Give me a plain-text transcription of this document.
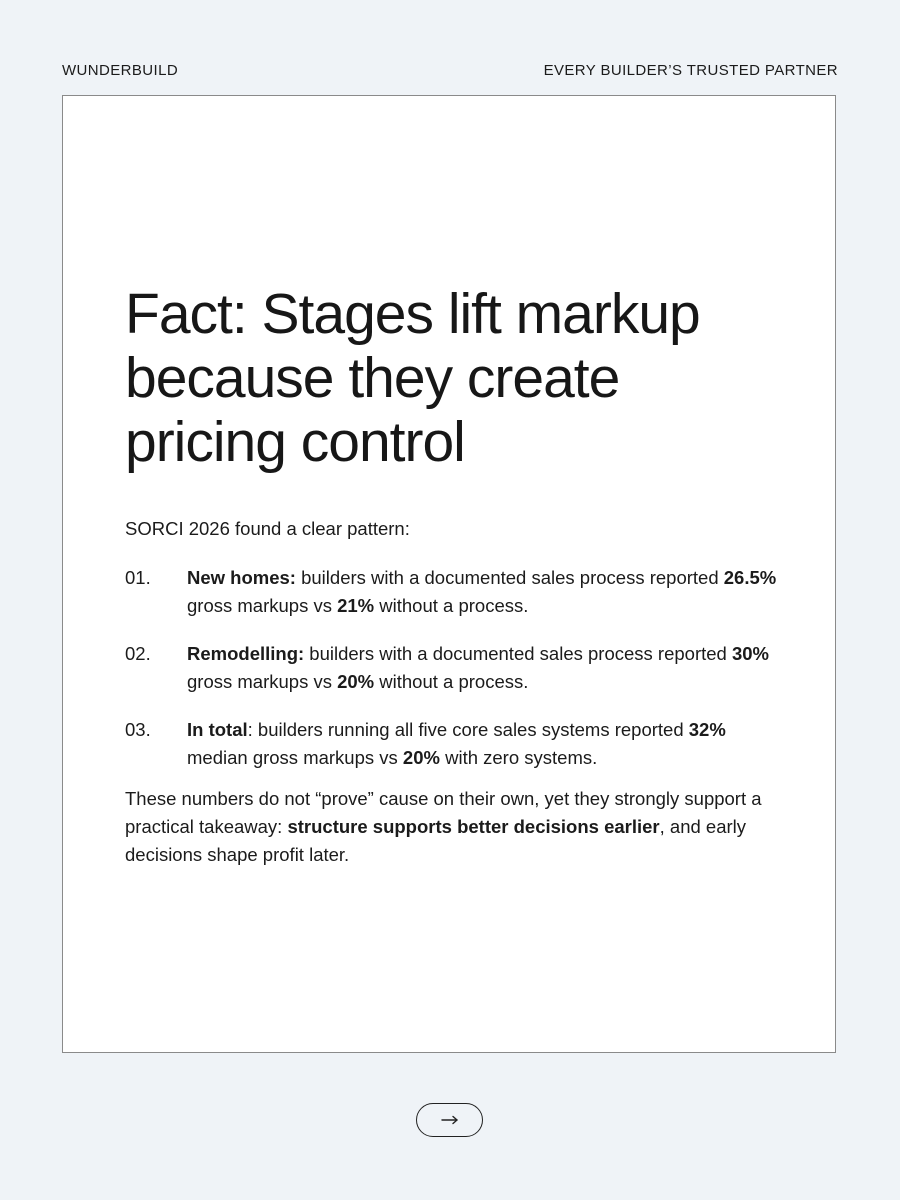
WUNDERBUILD	EVERY BUILDER’S TRUSTED PARTNER
Fact: Stages lift markup because they create pricing control

SORCI 2026 found a clear pattern:

01.	New homes: builders with a documented sales process reported 26.5% gross markups vs 21% without a process.
02.	Remodelling: builders with a documented sales process reported 30% gross markups vs 20% without a process.
03.	In total: builders running all five core sales systems reported 32% median gross markups vs 20% with zero systems.

These numbers do not “prove” cause on their own, yet they strongly support a practical takeaway: structure supports better decisions earlier, and early decisions shape profit later.
